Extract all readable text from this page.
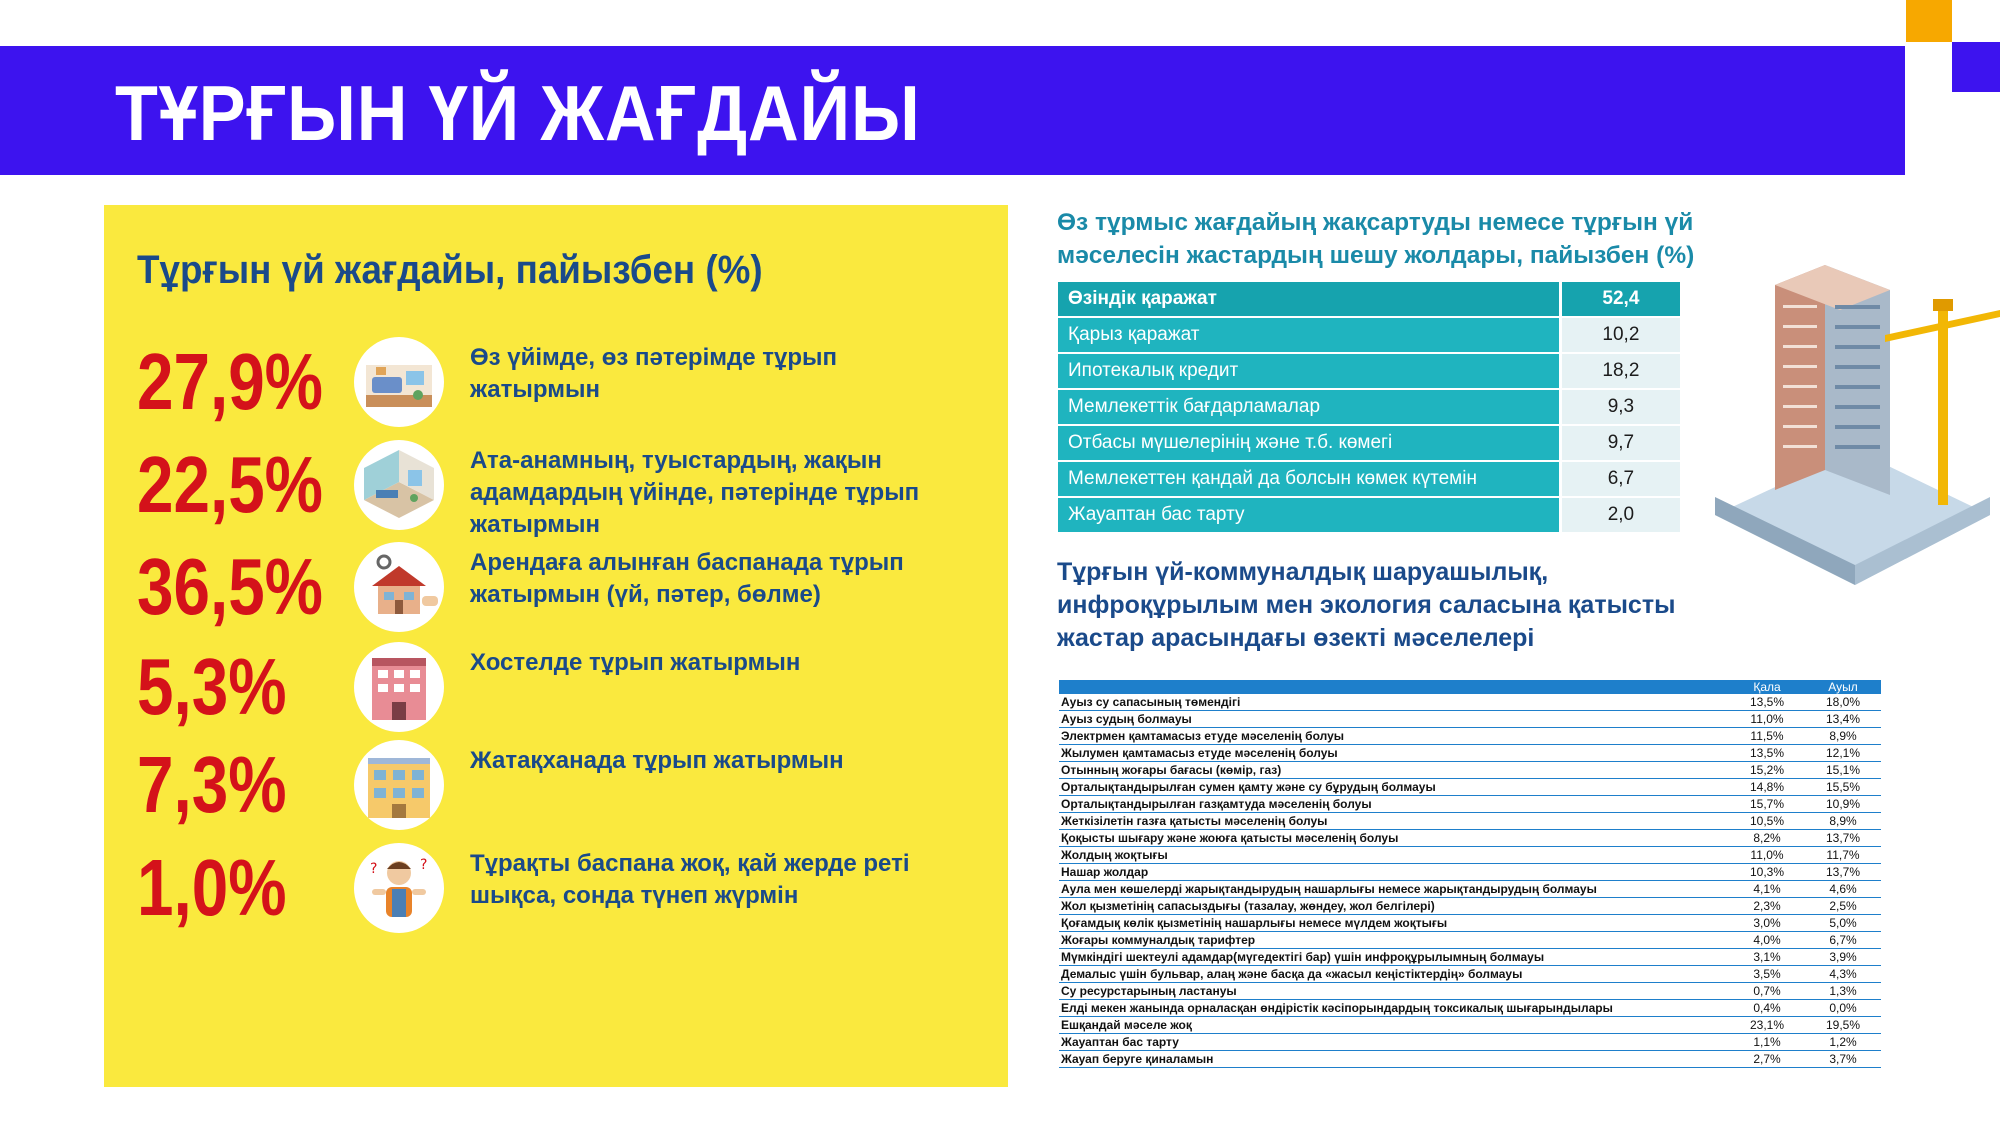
ТҰРҒЫН ҮЙ ЖАҒДАЙЫ
Тұрғын үй жағдайы, пайызбен (%)
27,9%	Өз үйімде, өз пәтерімде тұрып жатырмын
22,5%	Ата-анамның, туыстардың, жақын адамдардың үйінде, пәтерінде тұрып жатырмын
36,5%	Арендаға алынған баспанада тұрып жатырмын (үй, пәтер, бөлме)
5,3%	Хостелде тұрып жатырмын
7,3%	Жатақханада тұрып жатырмын
1,0%	?	? Тұрақты баспана жоқ, қай жерде реті шықса, сонда түнеп жүрмін
Өз тұрмыс жағдайың жақсартуды немесе тұрғын үй мәселесін жастардың шешу жолдары, пайызбен (%)
Өзіндік қаражат	52,4
Қарыз қаражат	10,2
Ипотекалық кредит	18,2
Мемлекеттік бағдарламалар	9,3
Отбасы мүшелерінің және т.б. көмегі	9,7
Мемлекеттен қандай да болсын көмек күтемін	6,7
Жауаптан бас тарту	2,0
Тұрғын үй-коммуналдық шаруашылық, инфроқұрылым мен экология саласына қатысты жастар арасындағы өзекті мәселелері
	Қала	Ауыл
Ауыз су сапасының төмендігі	13,5%	18,0%
Ауыз судың болмауы	11,0%	13,4%
Электрмен қамтамасыз етуде мәселенің болуы	11,5%	8,9%
Жылумен қамтамасыз етуде мәселенің болуы	13,5%	12,1%
Отынның жоғары бағасы (көмір, газ)	15,2%	15,1%
Орталықтандырылған сумен қамту және су бұрудың болмауы	14,8%	15,5%
Орталықтандырылған газқамтуда мәселенің болуы	15,7%	10,9%
Жеткізілетін газға қатысты мәселенің болуы	10,5%	8,9%
Қоқысты шығару және жоюға қатысты мәселенің болуы	8,2%	13,7%
Жолдың жоқтығы	11,0%	11,7%
Нашар жолдар	10,3%	13,7%
Аула мен көшелерді жарықтандырудың нашарлығы немесе жарықтандырудың болмауы	4,1%	4,6%
Жол қызметінің сапасыздығы (тазалау, жөндеу, жол белгілері)	2,3%	2,5%
Қоғамдық көлік қызметінің нашарлығы немесе мүлдем жоқтығы	3,0%	5,0%
Жоғары коммуналдық тарифтер	4,0%	6,7%
Мүмкіндігі шектеулі адамдар(мүгедектігі бар) үшін инфроқұрылымның болмауы	3,1%	3,9%
Демалыс үшін бульвар, алаң және басқа да «жасыл кеңістіктердің» болмауы	3,5%	4,3%
Су ресурстарының ластануы	0,7%	1,3%
Елді мекен жанында орналасқан өндірістік кәсіпорындардың токсикалық шығарындылары	0,4%	0,0%
Ешқандай мәселе жоқ	23,1%	19,5%
Жауаптан бас тарту	1,1%	1,2%
Жауап беруге қиналамын	2,7%	3,7%
